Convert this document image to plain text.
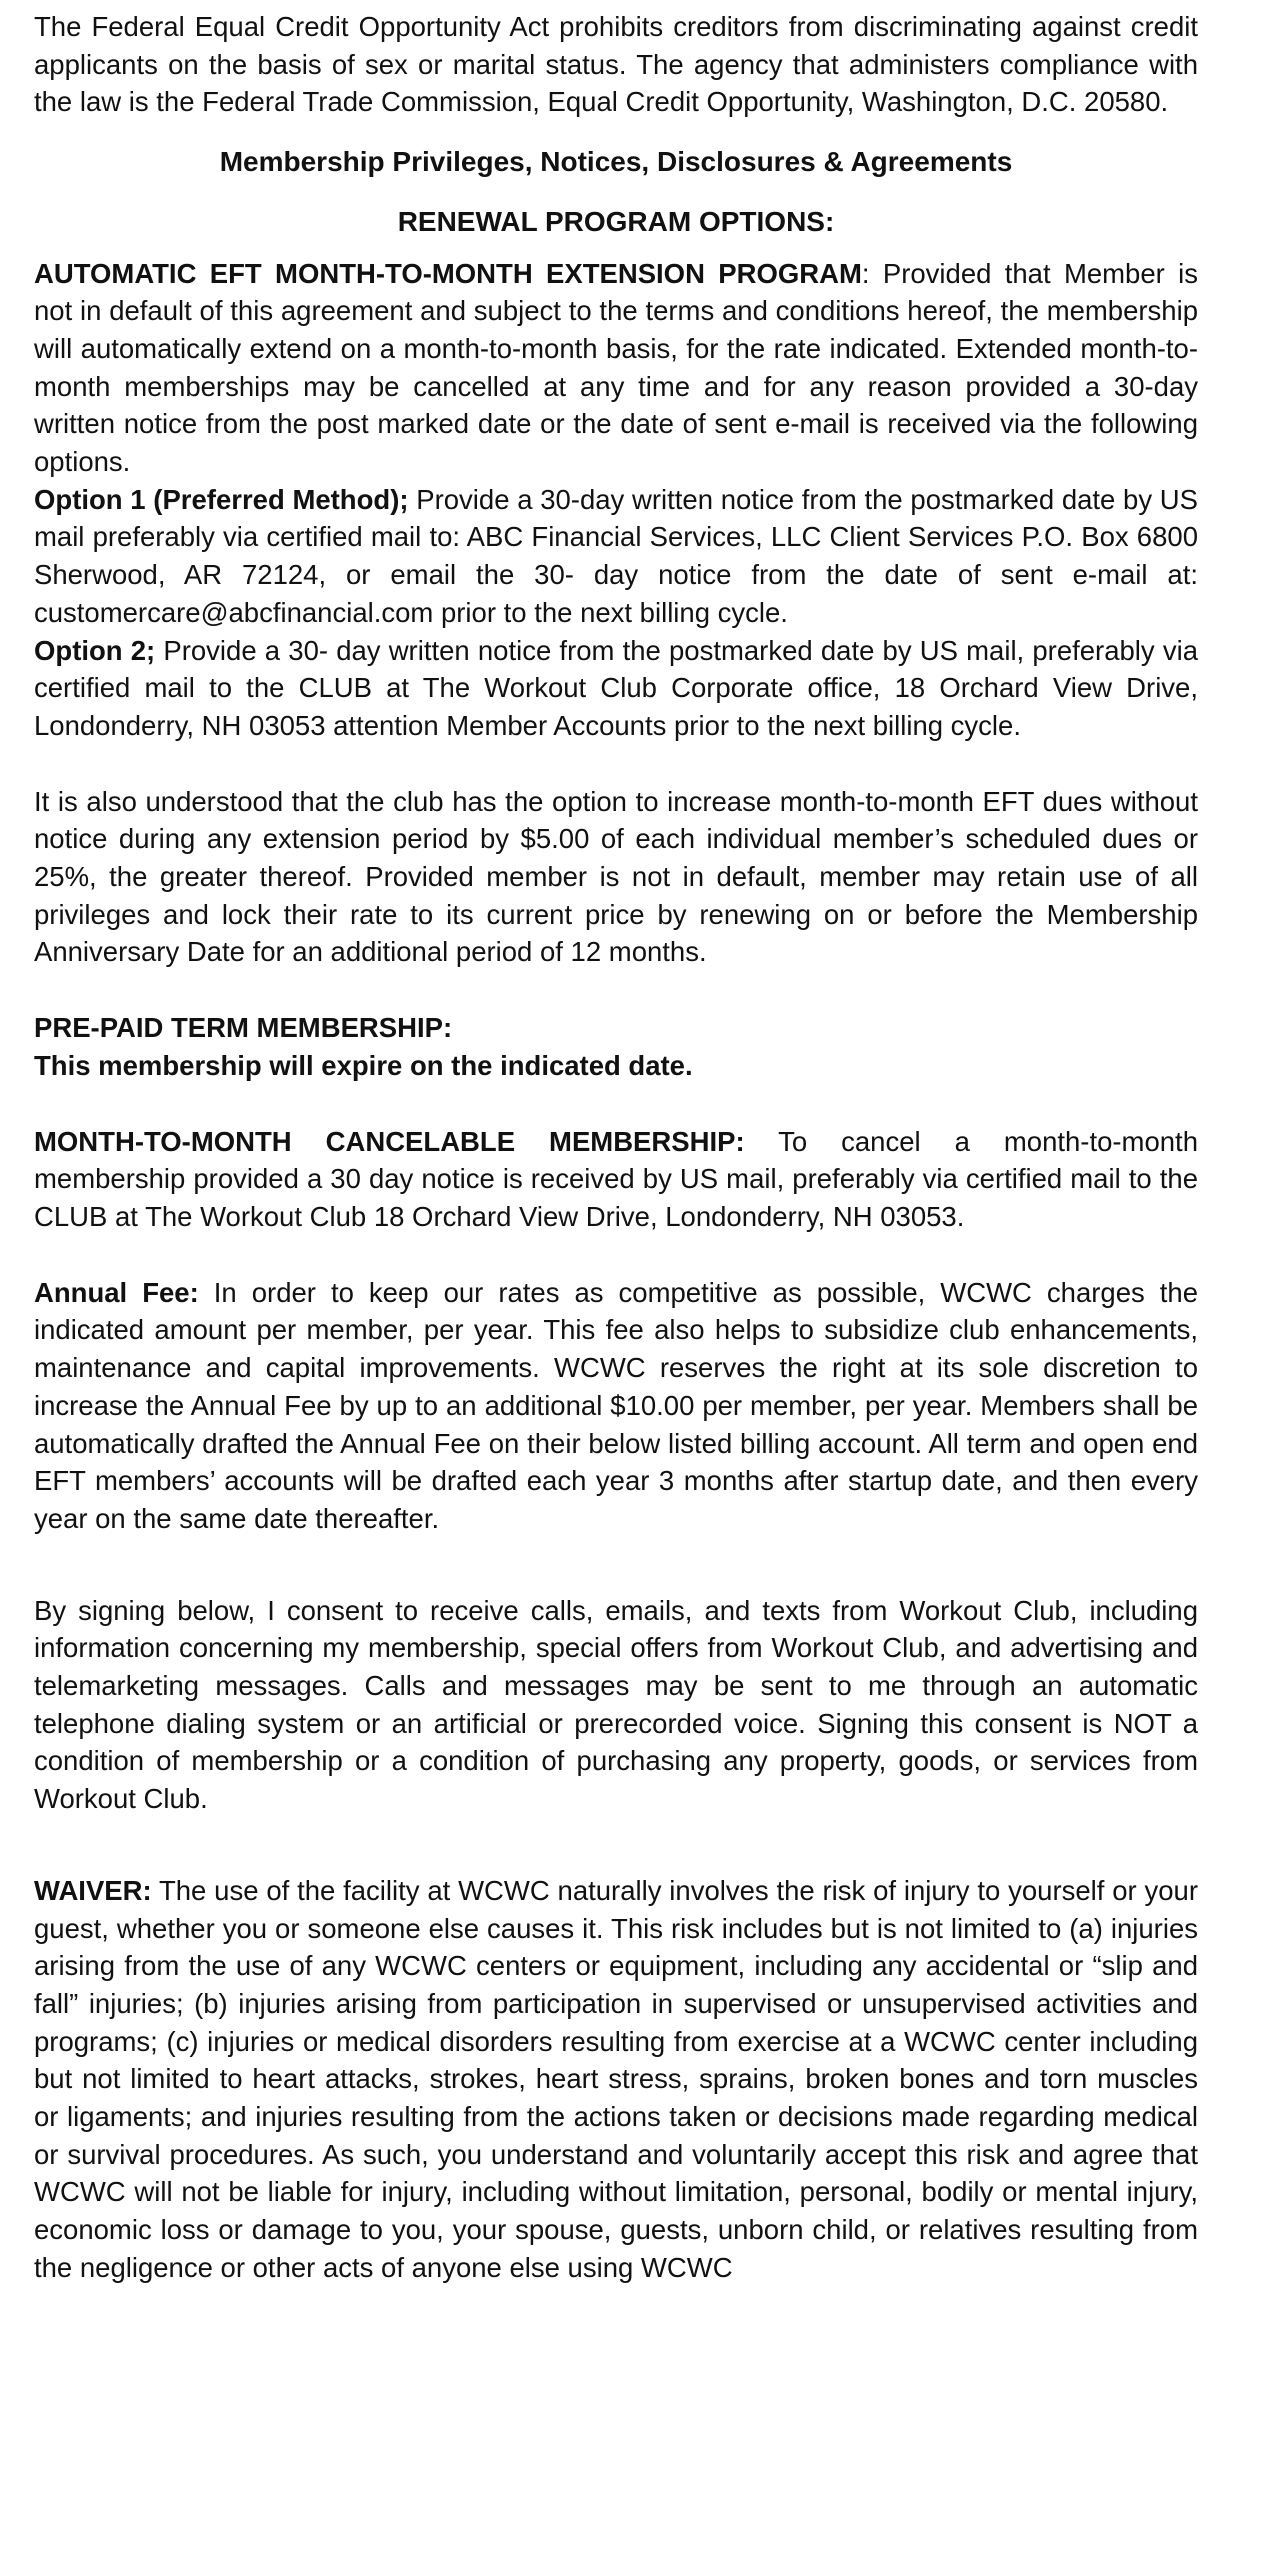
The Federal Equal Credit Opportunity Act prohibits creditors from discriminating against credit applicants on the basis of sex or marital status. The agency that administers compliance with the law is the Federal Trade Commission, Equal Credit Opportunity, Washington, D.C. 20580.

Membership Privileges, Notices, Disclosures & Agreements

RENEWAL PROGRAM OPTIONS:

AUTOMATIC EFT MONTH-TO-MONTH EXTENSION PROGRAM: Provided that Member is not in default of this agreement and subject to the terms and conditions hereof, the membership will automatically extend on a month-to-month basis, for the rate indicated. Extended month-to-month memberships may be cancelled at any time and for any reason provided a 30-day written notice from the post marked date or the date of sent e-mail is received via the following options.

Option 1 (Preferred Method); Provide a 30-day written notice from the postmarked date by US mail preferably via certified mail to: ABC Financial Services, LLC Client Services P.O. Box 6800 Sherwood, AR 72124, or email the 30- day notice from the date of sent e-mail at: customercare@abcfinancial.com prior to the next billing cycle.

Option 2; Provide a 30- day written notice from the postmarked date by US mail, preferably via certified mail to the CLUB at The Workout Club Corporate office, 18 Orchard View Drive, Londonderry, NH 03053 attention Member Accounts prior to the next billing cycle.

It is also understood that the club has the option to increase month-to-month EFT dues without notice during any extension period by $5.00 of each individual member’s scheduled dues or 25%, the greater thereof. Provided member is not in default, member may retain use of all privileges and lock their rate to its current price by renewing on or before the Membership Anniversary Date for an additional period of 12 months.

PRE-PAID TERM MEMBERSHIP:

This membership will expire on the indicated date.

MONTH-TO-MONTH CANCELABLE MEMBERSHIP: To cancel a month-to-month membership provided a 30 day notice is received by US mail, preferably via certified mail to the CLUB at The Workout Club 18 Orchard View Drive, Londonderry, NH 03053.

Annual Fee: In order to keep our rates as competitive as possible, WCWC charges the indicated amount per member, per year. This fee also helps to subsidize club enhancements, maintenance and capital improvements. WCWC reserves the right at its sole discretion to increase the Annual Fee by up to an additional $10.00 per member, per year. Members shall be automatically drafted the Annual Fee on their below listed billing account. All term and open end EFT members’ accounts will be drafted each year 3 months after startup date, and then every year on the same date thereafter.

By signing below, I consent to receive calls, emails, and texts from Workout Club, including information concerning my membership, special offers from Workout Club, and advertising and telemarketing messages. Calls and messages may be sent to me through an automatic telephone dialing system or an artificial or prerecorded voice. Signing this consent is NOT a condition of membership or a condition of purchasing any property, goods, or services from Workout Club.

WAIVER: The use of the facility at WCWC naturally involves the risk of injury to yourself or your guest, whether you or someone else causes it. This risk includes but is not limited to (a) injuries arising from the use of any WCWC centers or equipment, including any accidental or “slip and fall” injuries; (b) injuries arising from participation in supervised or unsupervised activities and programs; (c) injuries or medical disorders resulting from exercise at a WCWC center including but not limited to heart attacks, strokes, heart stress, sprains, broken bones and torn muscles or ligaments; and injuries resulting from the actions taken or decisions made regarding medical or survival procedures. As such, you understand and voluntarily accept this risk and agree that WCWC will not be liable for injury, including without limitation, personal, bodily or mental injury, economic loss or damage to you, your spouse, guests, unborn child, or relatives resulting from the negligence or other acts of anyone else using WCWC
